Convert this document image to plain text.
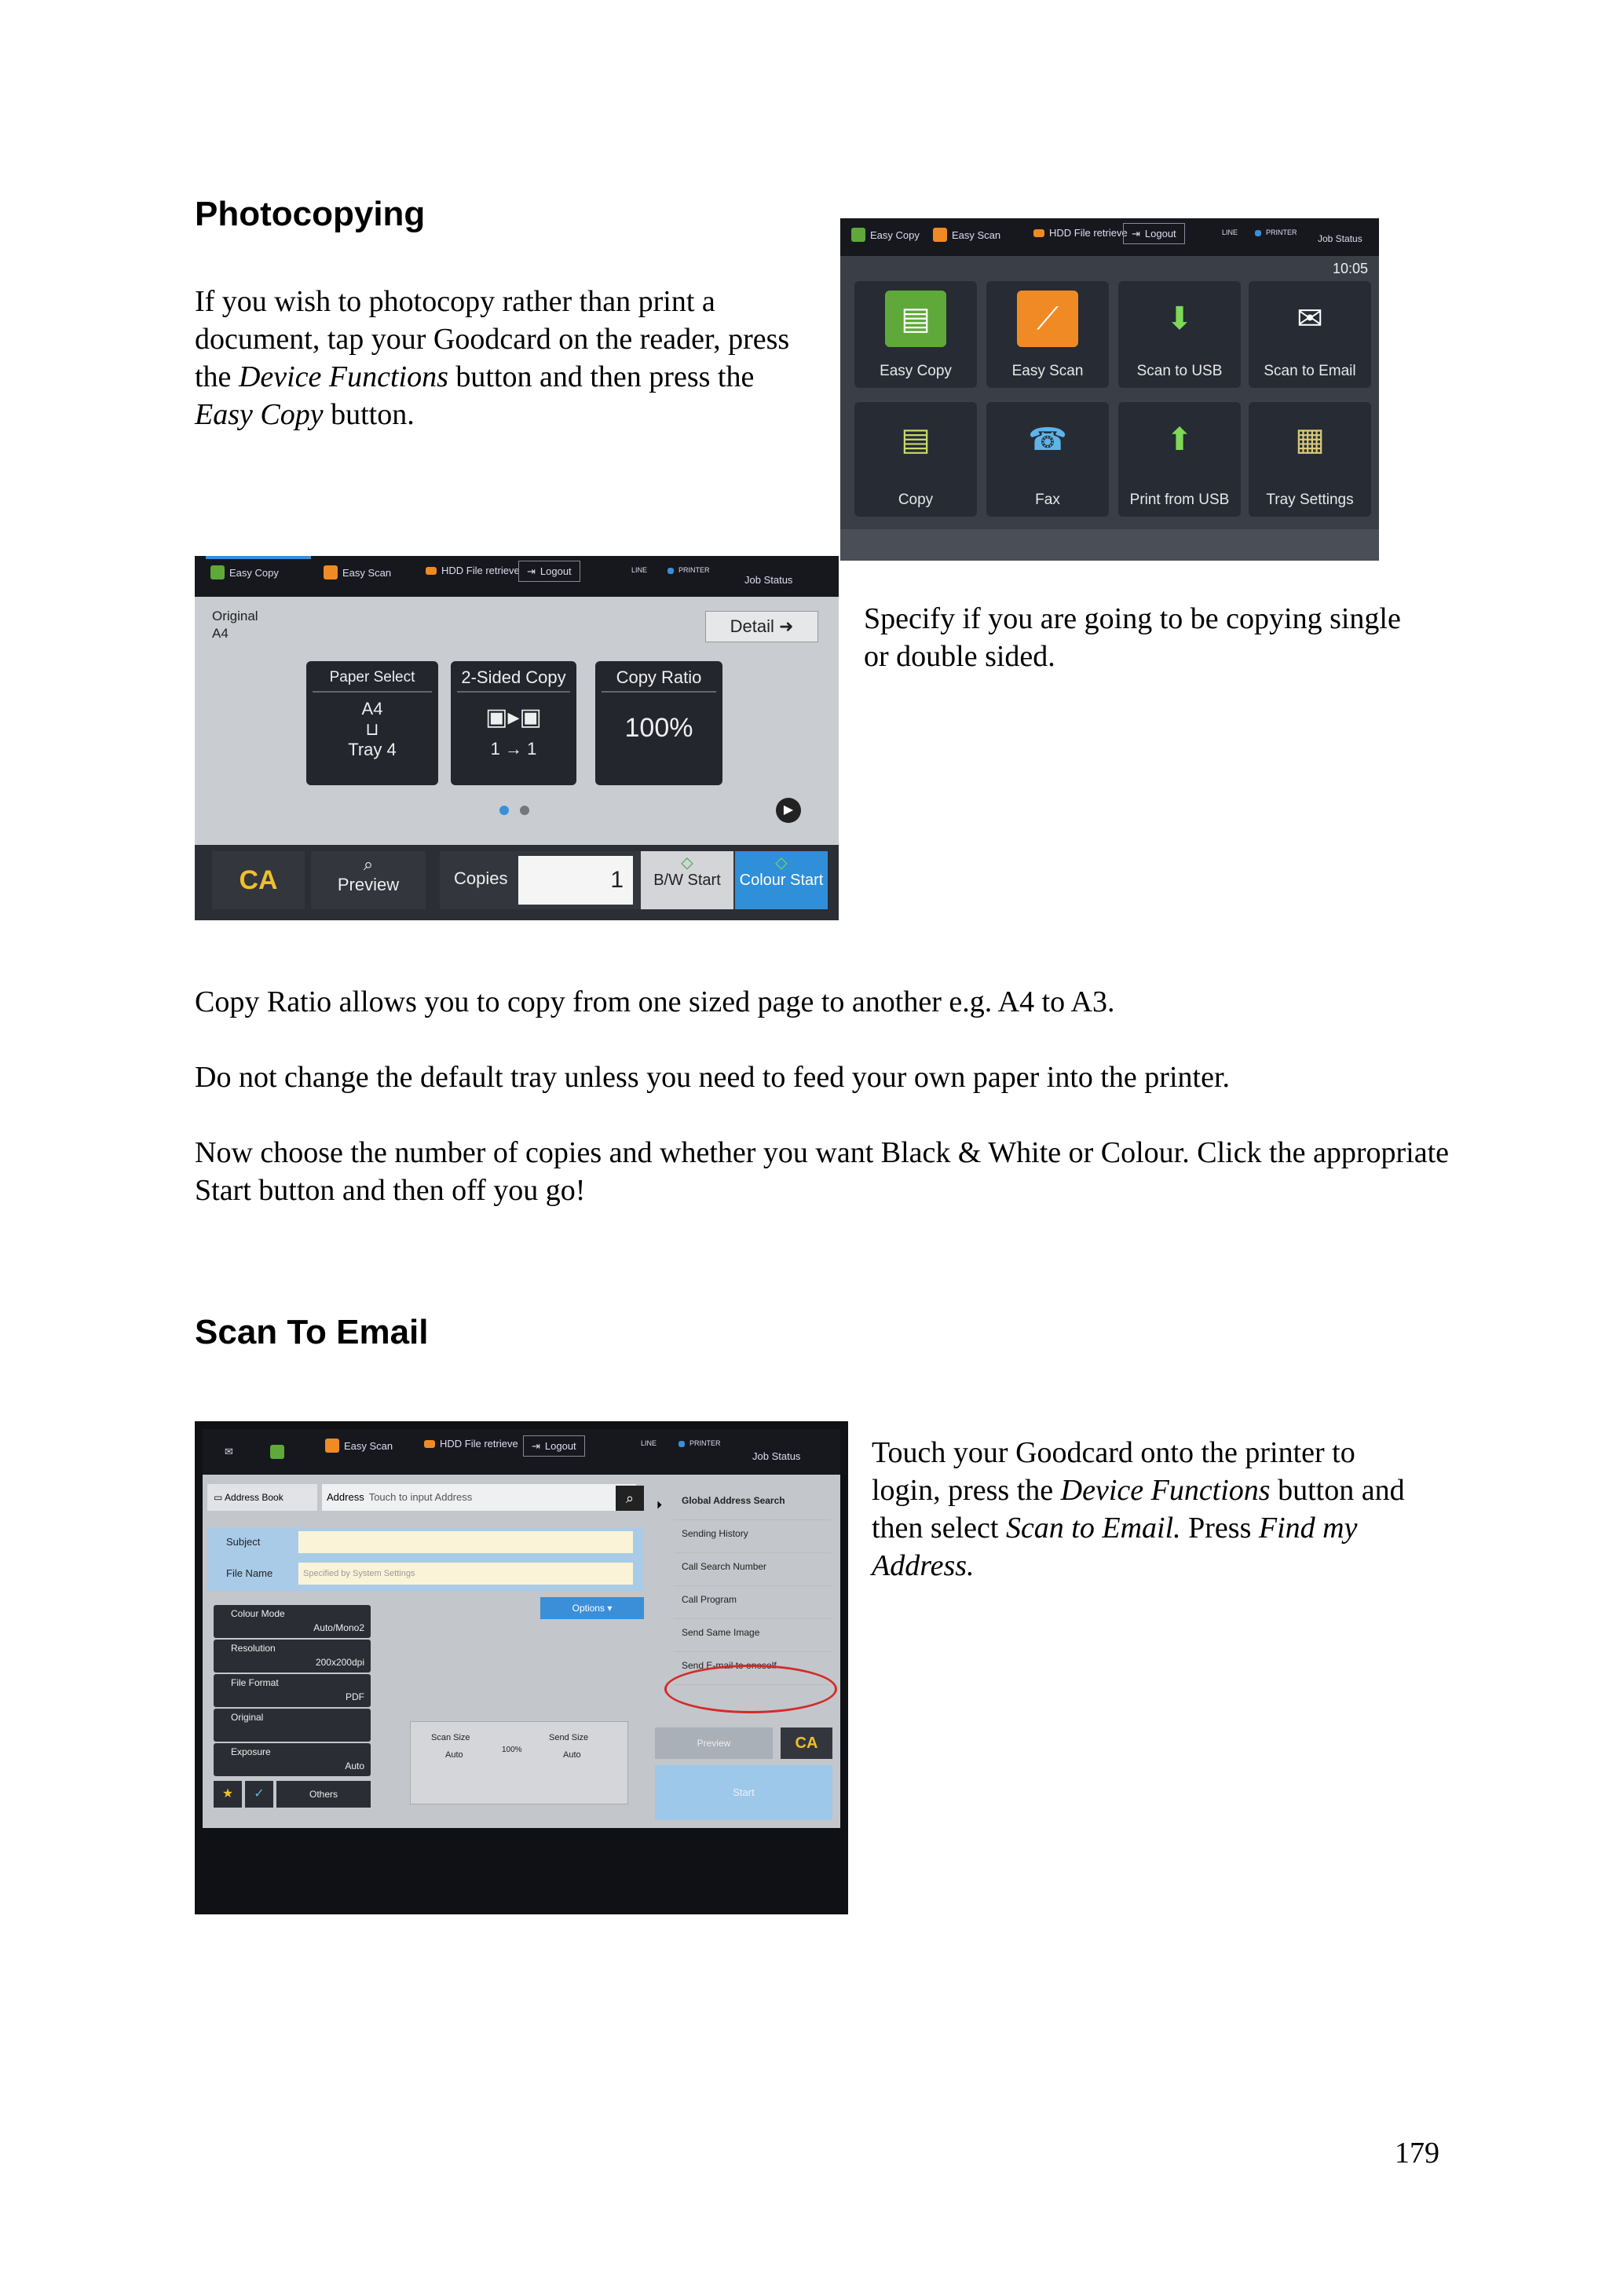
Photocopying

If you wish to photocopy rather than print a document, tap your Goodcard on the reader, press the Device Functions button and then press the Easy Copy button.

Easy Copy	Easy Scan	HDD File retrieve ⇥ Logout	LINE	PRINTER
Job Status
10:05
▤
Easy Copy
⟋
Easy Scan
⬇
Scan to USB
✉
Scan to Email
▤
Copy
☎
Fax
⬆
Print from USB
▦
Tray Settings
Easy Copy	Easy Scan	HDD File retrieve ⇥ Logout	LINE	PRINTER
Job Status
Original
A4	Detail ➜
Paper Select
A4
⊔
Tray 4
2-Sided Copy
▣▸▣
1 → 1
Copy Ratio
100%
▶
CA
⌕
Preview	Copies	1
◇
B/W Start
◇
Colour Start

Specify if you are going to be copying single or double sided.

Copy Ratio allows you to copy from one sized page to another e.g. A4 to A3.

Do not change the default tray unless you need to feed your own paper into the printer.

Now choose the number of copies and whether you want Black & White or Colour. Click the appropriate Start button and then off you go!

Scan To Email
✉	Easy Scan	HDD File retrieve ⇥ Logout	LINE	PRINTER
Job Status
▭ Address Book	Address Touch to input Address	⌕
Subject
File Name	Specified by System Settings
Options ▾
Colour Mode
Auto/Mono2
Resolution
200x200dpi
File Format
PDF
Original
Exposure
Auto
★	✓	Others
Scan Size
Auto
100%
Send Size
Auto
Global Address Search
Sending History
Call Search Number
Call Program
Send Same Image
Send E-mail to oneself
⏵
Preview	CA
Start

Touch your Goodcard onto the printer to login, press the Device Functions button and then select Scan to Email. Press Find my Address.

179
